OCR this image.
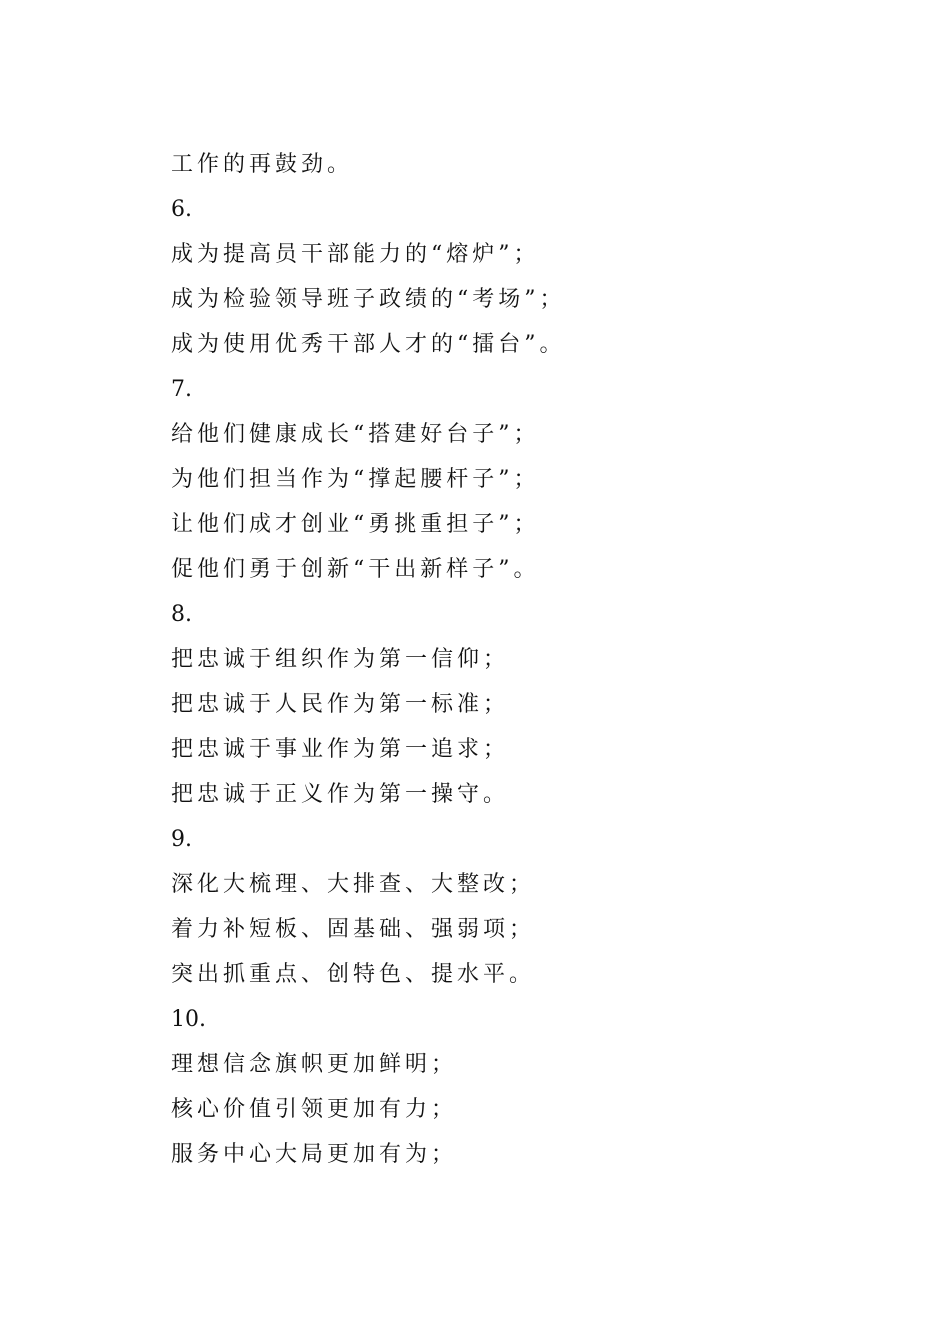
工作的再鼓劲。
6.
成为提高员干部能力的“熔炉”；
成为检验领导班子政绩的“考场”；
成为使用优秀干部人才的“擂台”。
7.
给他们健康成长“搭建好台子”；
为他们担当作为“撑起腰杆子”；
让他们成才创业“勇挑重担子”；
促他们勇于创新“干出新样子”。
8.
把忠诚于组织作为第一信仰；
把忠诚于人民作为第一标准；
把忠诚于事业作为第一追求；
把忠诚于正义作为第一操守。
9.
深化大梳理、大排查、大整改；
着力补短板、固基础、强弱项；
突出抓重点、创特色、提水平。
10.
理想信念旗帜更加鲜明；
核心价值引领更加有力；
服务中心大局更加有为；
